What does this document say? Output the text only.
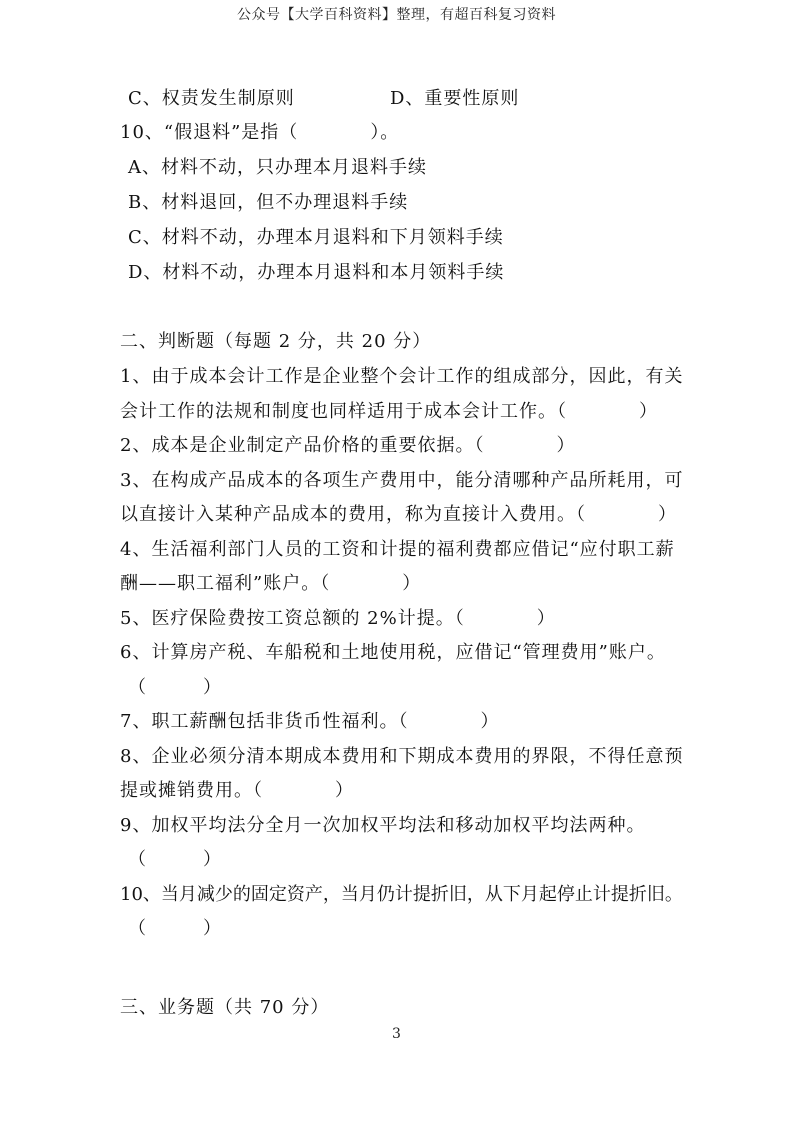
公众号【大学百科资料】整理，有超百科复习资料
C、权责发生制原则	D、重要性原则
10、“假退料”是指（	）。
A、材料不动，只办理本月退料手续
B、材料退回，但不办理退料手续
C、材料不动，办理本月退料和下月领料手续
D、材料不动，办理本月退料和本月领料手续
二、判断题（每题 2 分，共 20 分）
1、由于成本会计工作是企业整个会计工作的组成部分，因此，有关
会计工作的法规和制度也同样适用于成本会计工作。（	）
2、成本是企业制定产品价格的重要依据。（	）
3、在构成产品成本的各项生产费用中，能分清哪种产品所耗用，可
以直接计入某种产品成本的费用，称为直接计入费用。（	）
4、生活福利部门人员的工资和计提的福利费都应借记“应付职工薪
酬——职工福利”账户。（	）
5、医疗保险费按工资总额的 2%计提。（	）
6、计算房产税、车船税和土地使用税，应借记“管理费用”账户。
（	）
7、职工薪酬包括非货币性福利。（	）
8、企业必须分清本期成本费用和下期成本费用的界限，不得任意预
提或摊销费用。（	）
9、加权平均法分全月一次加权平均法和移动加权平均法两种。
（	）
10、当月减少的固定资产，当月仍计提折旧，从下月起停止计提折旧。
（	）
三、业务题（共 70 分）
3
